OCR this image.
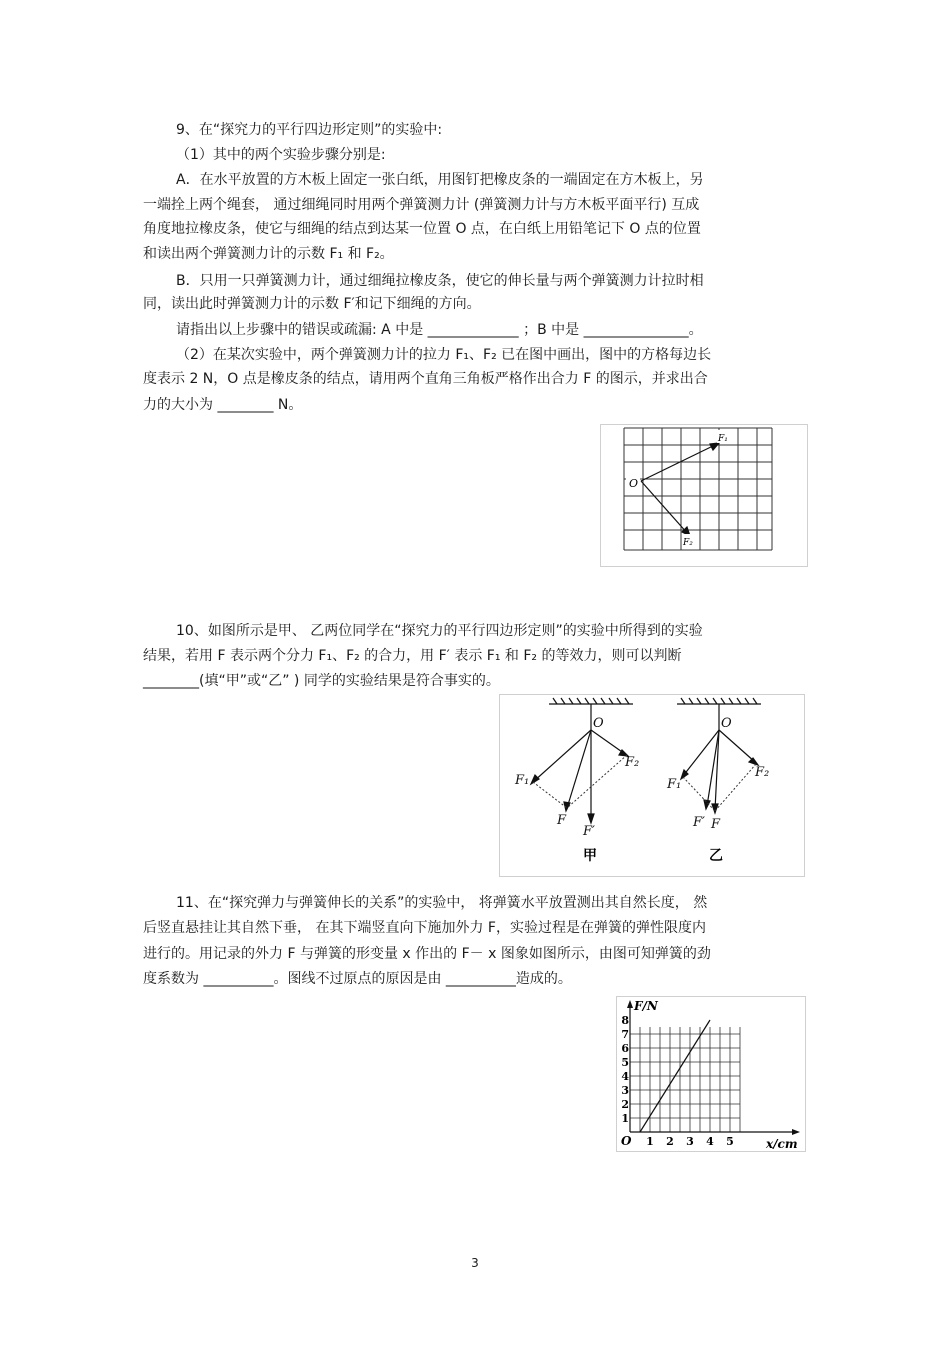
9、在“探究力的平行四边形定则”的实验中:
（1）其中的两个实验步骤分别是:
A．在水平放置的方木板上固定一张白纸，用图钉把橡皮条的一端固定在方木板上，另
一端拴上两个绳套， 通过细绳同时用两个弹簧测力计 (弹簧测力计与方木板平面平行) 互成
角度地拉橡皮条，使它与细绳的结点到达某一位置 O 点，在白纸上用铅笔记下 O 点的位置
和读出两个弹簧测力计的示数 F₁ 和 F₂。
B．只用一只弹簧测力计，通过细绳拉橡皮条，使它的伸长量与两个弹簧测力计拉时相
同，读出此时弹簧测力计的示数 F′和记下细绳的方向。
请指出以上步骤中的错误或疏漏: A 中是 _____________ ；B 中是 _______________。
（2）在某次实验中，两个弹簧测力计的拉力 F₁、F₂ 已在图中画出，图中的方格每边长
度表示 2 N，O 点是橡皮条的结点，请用两个直角三角板严格作出合力 F 的图示，并求出合
力的大小为 ________ N。
O
F₁
F₂
10、如图所示是甲、 乙两位同学在“探究力的平行四边形定则”的实验中所得到的实验
结果，若用 F 表示两个分力 F₁、F₂ 的合力，用 F′ 表示 F₁ 和 F₂ 的等效力，则可以判断
________(填“甲”或“乙” ) 同学的实验结果是符合事实的。
O
F₁
F₂
F
F′
O
F₁
F₂
F′ F
甲	乙
11、在“探究弹力与弹簧伸长的关系”的实验中， 将弹簧水平放置测出其自然长度， 然
后竖直悬挂让其自然下垂， 在其下端竖直向下施加外力 F，实验过程是在弹簧的弹性限度内
进行的。用记录的外力 F 与弹簧的形变量 x 作出的 F－ x 图象如图所示，由图可知弹簧的劲
度系数为 __________。图线不过原点的原因是由 __________造成的。
1 2 3 4 5
1
2
3
4
5
6
7
8
O
F/N
x/cm
3
